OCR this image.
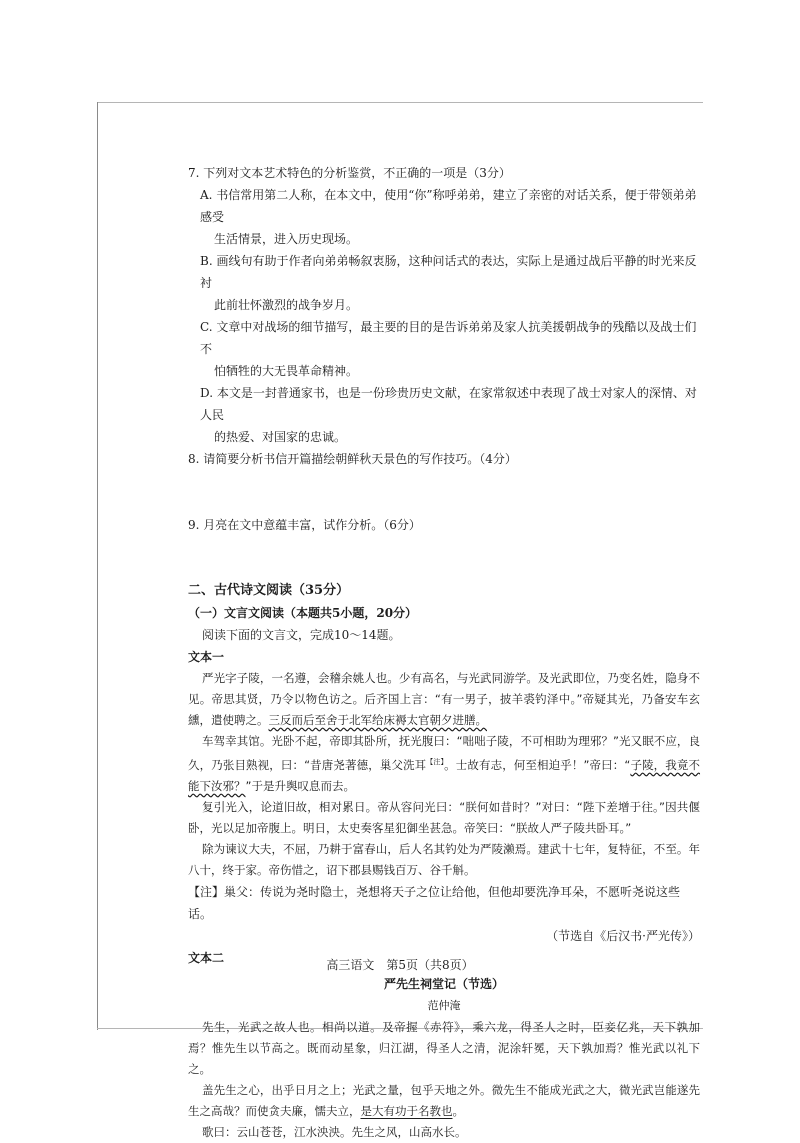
7. 下列对文本艺术特色的分析鉴赏，不正确的一项是（3分）

A. 书信常用第二人称，在本文中，使用“你”称呼弟弟，建立了亲密的对话关系，便于带领弟弟感受

生活情景，进入历史现场。

B. 画线句有助于作者向弟弟畅叙衷肠，这种问话式的表达，实际上是通过战后平静的时光来反衬

此前壮怀激烈的战争岁月。

C. 文章中对战场的细节描写，最主要的目的是告诉弟弟及家人抗美援朝战争的残酷以及战士们不

怕牺牲的大无畏革命精神。

D. 本文是一封普通家书，也是一份珍贵历史文献，在家常叙述中表现了战士对家人的深情、对人民

的热爱、对国家的忠诚。

8. 请简要分析书信开篇描绘朝鲜秋天景色的写作技巧。（4分）

9. 月亮在文中意蕴丰富，试作分析。（6分）

二、古代诗文阅读（35分）

（一）文言文阅读（本题共5小题，20分）

阅读下面的文言文，完成10～14题。

文本一

严光字子陵，一名遵，会稽余姚人也。少有高名，与光武同游学。及光武即位，乃变名姓，隐身不见。帝思其贤，乃令以物色访之。后齐国上言：“有一男子，披羊裘钓泽中。”帝疑其光，乃备安车玄纁，遣使聘之。三反而后至舍于北军给床褥太官朝夕进膳。

车驾幸其馆。光卧不起，帝即其卧所，抚光腹曰：“咄咄子陵，不可相助为理邪？”光又眠不应，良久，乃张目熟视，曰：“昔唐尧著德，巢父洗耳$^{【注】}$。士故有志，何至相迫乎！”帝曰：“子陵，我竟不能下汝邪？”于是升舆叹息而去。

复引光入，论道旧故，相对累日。帝从容问光曰：“朕何如昔时？”对曰：“陛下差增于往。”因共偃卧，光以足加帝腹上。明日，太史奏客星犯御坐甚急。帝笑曰：“朕故人严子陵共卧耳。”

除为谏议大夫，不屈，乃耕于富春山，后人名其钓处为严陵濑焉。建武十七年，复特征，不至。年八十，终于家。帝伤惜之，诏下郡县赐钱百万、谷千斛。

【注】巢父：传说为尧时隐士，尧想将天子之位让给他，但他却要洗净耳朵，不愿听尧说这些话。

（节选自《后汉书·严光传》）

文本二

严先生祠堂记（节选）

范仲淹

先生，光武之故人也。相尚以道。及帝握《赤符》，乘六龙，得圣人之时，臣妾亿兆，天下孰加焉？惟先生以节高之。既而动星象，归江湖，得圣人之清，泥涂轩冕，天下孰加焉？惟光武以礼下之。

盖先生之心，出乎日月之上；光武之量，包乎天地之外。微先生不能成光武之大，微光武岂能遂先生之高哉？而使贪夫廉，懦夫立，是大有功于名教也。

歌曰：云山苍苍，江水泱泱。先生之风，山高水长。

高三语文　第5页（共8页）
